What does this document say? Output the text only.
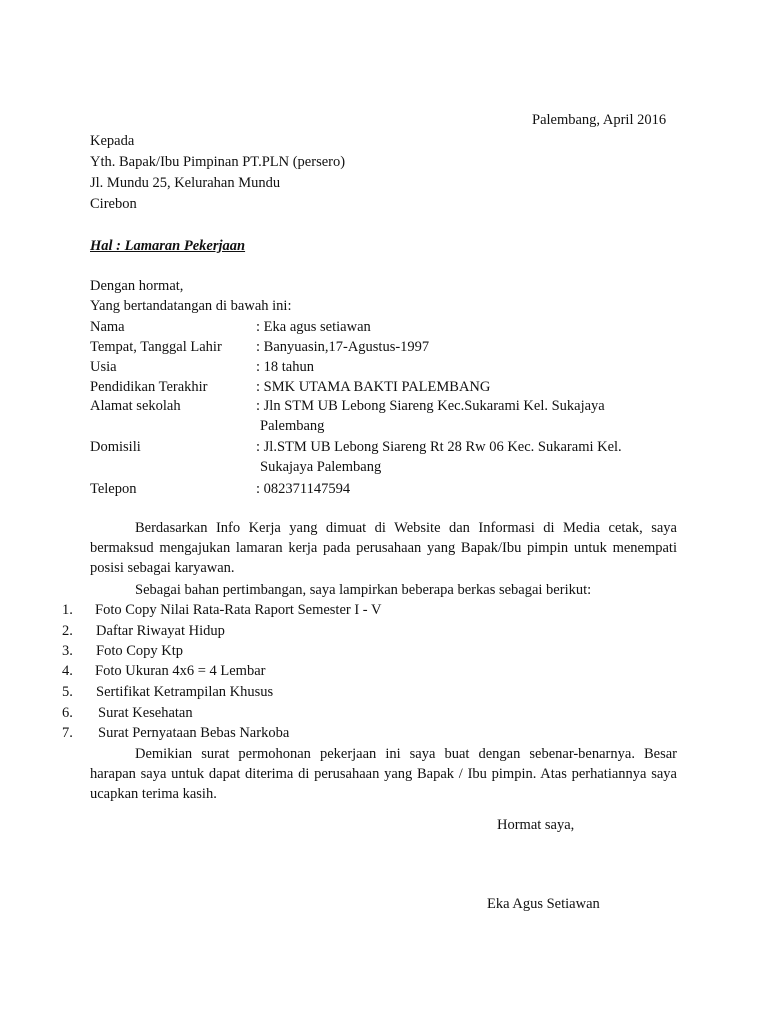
Palembang, April 2016
Kepada
Yth. Bapak/Ibu Pimpinan PT.PLN (persero)
Jl. Mundu 25, Kelurahan Mundu
Cirebon
Hal : Lamaran Pekerjaan
Dengan hormat,
Yang bertandatangan di bawah ini:
Nama	: Eka agus setiawan
Tempat, Tanggal Lahir : Banyuasin,17-Agustus-1997
Usia	: 18 tahun
Pendidikan Terakhir	: SMK UTAMA BAKTI PALEMBANG
Alamat sekolah	: Jln STM UB Lebong Siareng Kec.Sukarami Kel. Sukajaya
Palembang
Domisili	: Jl.STM UB Lebong Siareng Rt 28 Rw 06 Kec. Sukarami Kel.
Sukajaya Palembang
Telepon	: 082371147594
Berdasarkan Info Kerja yang dimuat di Website dan Informasi di Media cetak, saya bermaksud mengajukan lamaran kerja pada perusahaan yang Bapak/Ibu pimpin untuk menempati posisi sebagai karyawan.
Sebagai bahan pertimbangan, saya lampirkan beberapa berkas sebagai berikut:
1. Foto Copy Nilai Rata-Rata Raport Semester I - V
2. Daftar Riwayat Hidup
3. Foto Copy Ktp
4. Foto Ukuran 4x6 = 4 Lembar
5. Sertifikat Ketrampilan Khusus
6. Surat Kesehatan
7. Surat Pernyataan Bebas Narkoba
Demikian surat permohonan pekerjaan ini saya buat dengan sebenar-benarnya. Besar harapan saya untuk dapat diterima di perusahaan yang Bapak / Ibu pimpin. Atas perhatiannya saya ucapkan terima kasih.
Hormat saya,
Eka Agus Setiawan
